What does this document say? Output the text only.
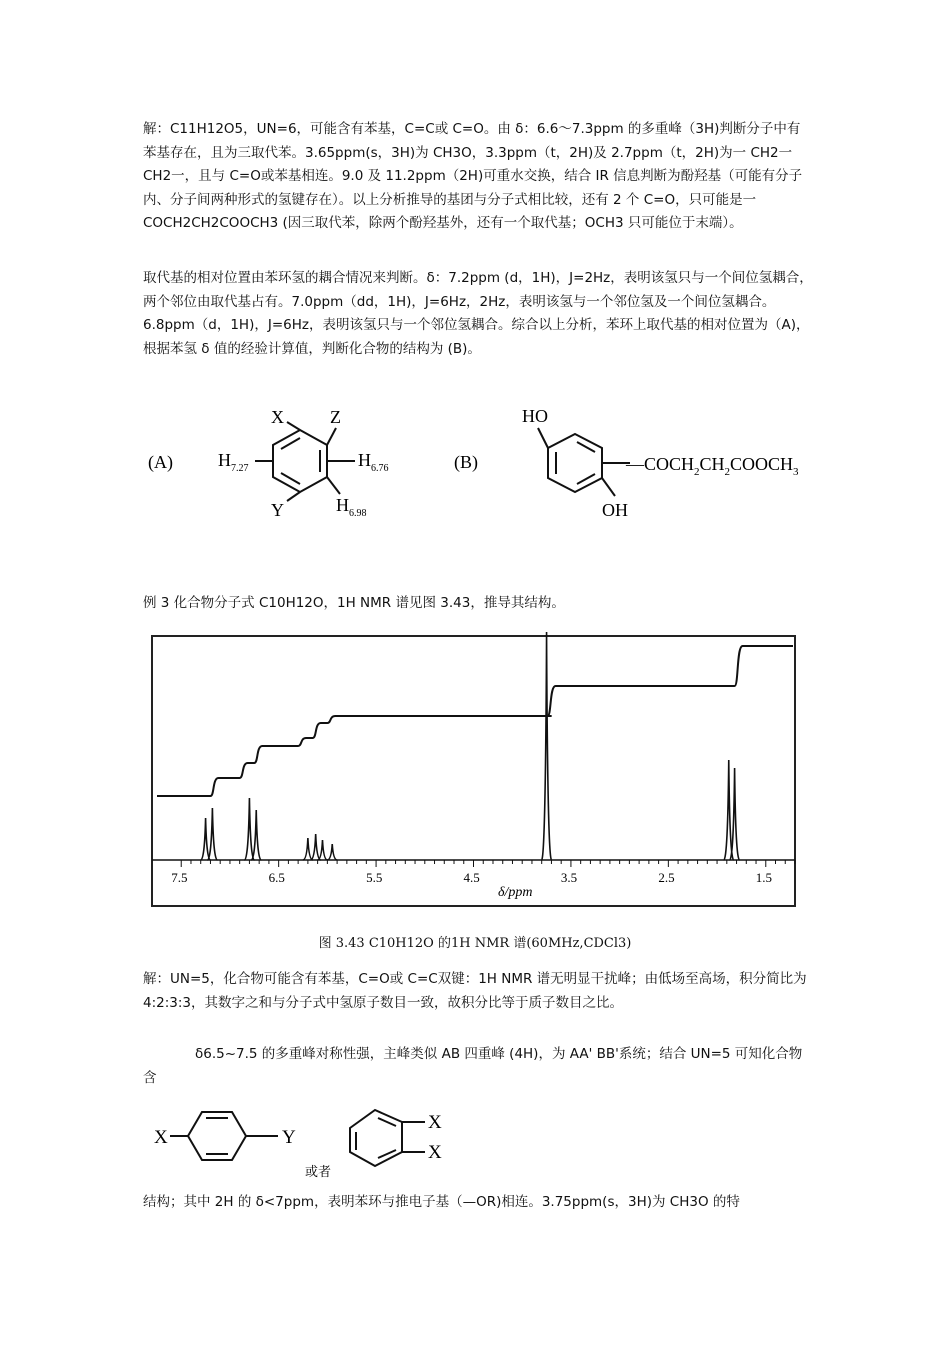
解：C11H12O5，UN=6，可能含有苯基，C=C或 C=O。由 δ：6.6～7.3ppm 的多重峰（3H)判断分子中有苯基存在，且为三取代苯。3.65ppm(s，3H)为 CH3O，3.3ppm（t，2H)及 2.7ppm（t，2H)为一 CH2一 CH2一，且与 C=O或苯基相连。9.0 及 11.2ppm（2H)可重水交换，结合 IR 信息判断为酚羟基（可能有分子内、分子间两种形式的氢键存在）。以上分析推导的基团与分子式相比较，还有 2 个 C=O，只可能是一 COCH2CH2COOCH3 (因三取代苯，除两个酚羟基外，还有一个取代基；OCH3 只可能位于末端）。

取代基的相对位置由苯环氢的耦合情况来判断。δ：7.2ppm (d，1H)，J=2Hz，表明该氢只与一个间位氢耦合，两个邻位由取代基占有。7.0ppm（dd，1H)，J=6Hz，2Hz，表明该氢与一个邻位氢及一个间位氢耦合。6.8ppm（d，1H)，J=6Hz，表明该氢只与一个邻位氢耦合。综合以上分析，苯环上取代基的相对位置为（A)，根据苯氢 δ 值的经验计算值，判断化合物的结构为 (B)。

(A)
X	Z
Y
$H_{7.27}$	$H_{6.76}$
$H_{6.98}$
(B)
HO
OH
$—COCH_2CH_2COOCH_3$

例 3 化合物分子式 C10H12O，1H NMR 谱见图 3.43，推导其结构。

7.5	6.5	5.5	4.5	3.5	2.5	1.5
δ/ppm
图 3.43 C10H12O 的1H NMR 谱(60MHz,CDCl3)

解：UN=5，化合物可能含有苯基，C=O或 C=C双键：1H NMR 谱无明显干扰峰；由低场至高场，积分简比为 4:2:3:3，其数字之和与分子式中氢原子数目一致，故积分比等于质子数目之比。

δ6.5~7.5 的多重峰对称性强，主峰类似 AB 四重峰 (4H)，为 AA' BB'系统；结合 UN=5 可知化合物含

X	Y
X
X
或者

结构；其中 2H 的 δ<7ppm，表明苯环与推电子基（—OR)相连。3.75ppm(s，3H)为 CH3O 的特
